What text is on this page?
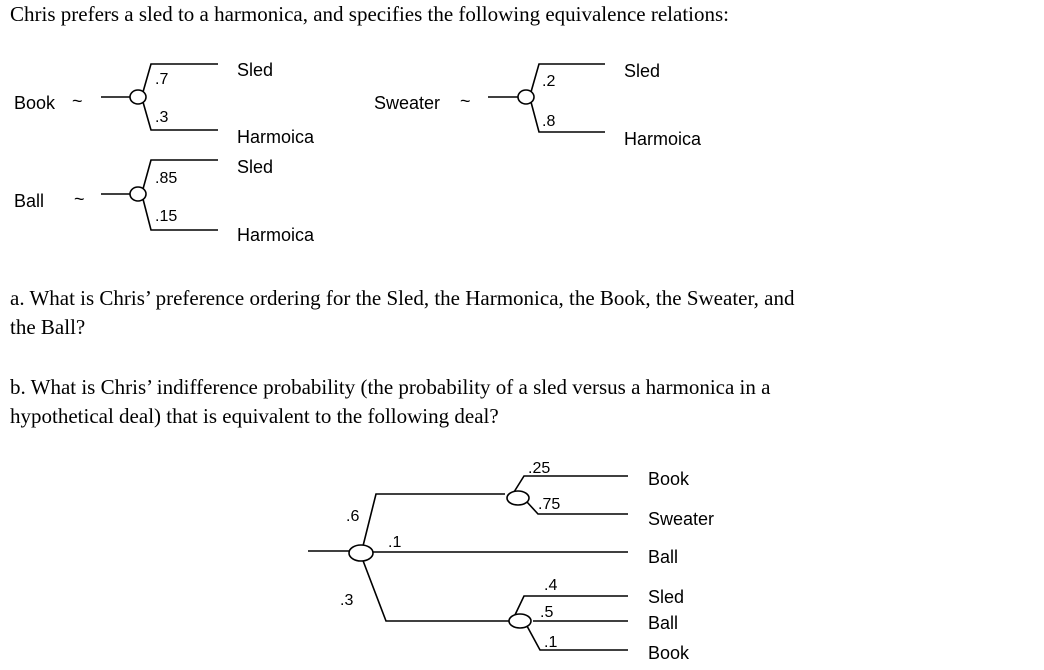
Chris prefers a sled to a harmonica, and specifies the following equivalence relations:

Book ~
.7
.3
Sled
Harmoica
Ball ~
.85
.15
Sled
Harmoica
Sweater ~
.2
.8
Sled
Harmoica
.6
.1
.3
.25
.75
Book
Sweater
Ball
.4
.5
.1
Sled
Ball
Book
a. What is Chris’ preference ordering for the Sled, the Harmonica, the Book, the Sweater, and
the Ball?
b. What is Chris’ indifference probability (the probability of a sled versus a harmonica in a
hypothetical deal) that is equivalent to the following deal?
